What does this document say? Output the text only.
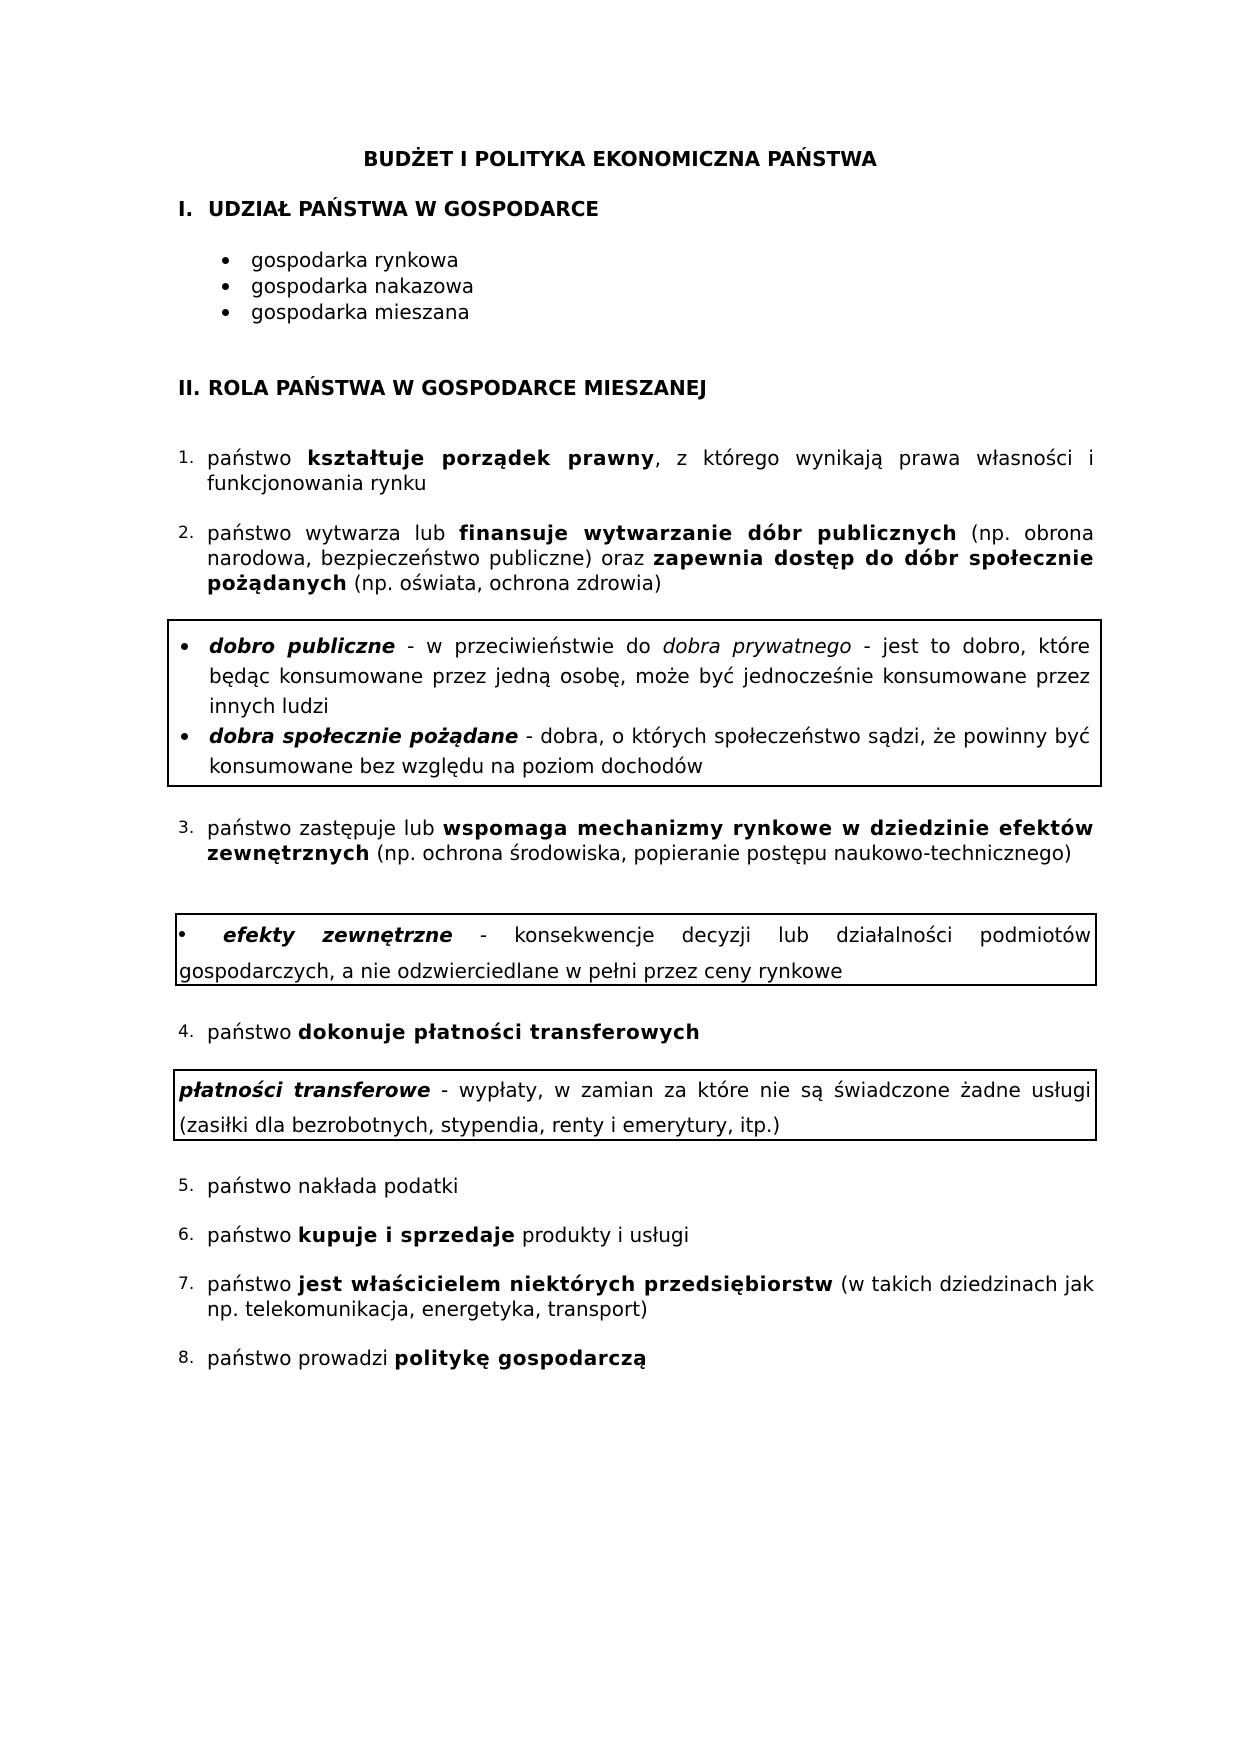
BUDŻET I POLITYKA EKONOMICZNA PAŃSTWA
I. UDZIAŁ PAŃSTWA W GOSPODARCE
gospodarka rynkowa
gospodarka nakazowa
gospodarka mieszana
II. ROLA PAŃSTWA W GOSPODARCE MIESZANEJ
1. państwo kształtuje porządek prawny, z którego wynikają prawa własności i funkcjonowania rynku
2. państwo wytwarza lub finansuje wytwarzanie dóbr publicznych (np. obrona narodowa, bezpieczeństwo publiczne) oraz zapewnia dostęp do dóbr społecznie pożądanych (np. oświata, ochrona zdrowia)
dobro publiczne - w przeciwieństwie do dobra prywatnego - jest to dobro, które będąc konsumowane przez jedną osobę, może być jednocześnie konsumowane przez innych ludzi
dobra społecznie pożądane - dobra, o których społeczeństwo sądzi, że powinny być konsumowane bez względu na poziom dochodów
3. państwo zastępuje lub wspomaga mechanizmy rynkowe w dziedzinie efektów zewnętrznych (np. ochrona środowiska, popieranie postępu naukowo-technicznego)
efekty zewnętrzne - konsekwencje decyzji lub działalności podmiotów gospodarczych, a nie odzwierciedlane w pełni przez ceny rynkowe
4. państwo dokonuje płatności transferowych
płatności transferowe - wypłaty, w zamian za które nie są świadczone żadne usługi (zasiłki dla bezrobotnych, stypendia, renty i emerytury, itp.)
5. państwo nakłada podatki
6. państwo kupuje i sprzedaje produkty i usługi
7. państwo jest właścicielem niektórych przedsiębiorstw (w takich dziedzinach jak np. telekomunikacja, energetyka, transport)
8. państwo prowadzi politykę gospodarczą
